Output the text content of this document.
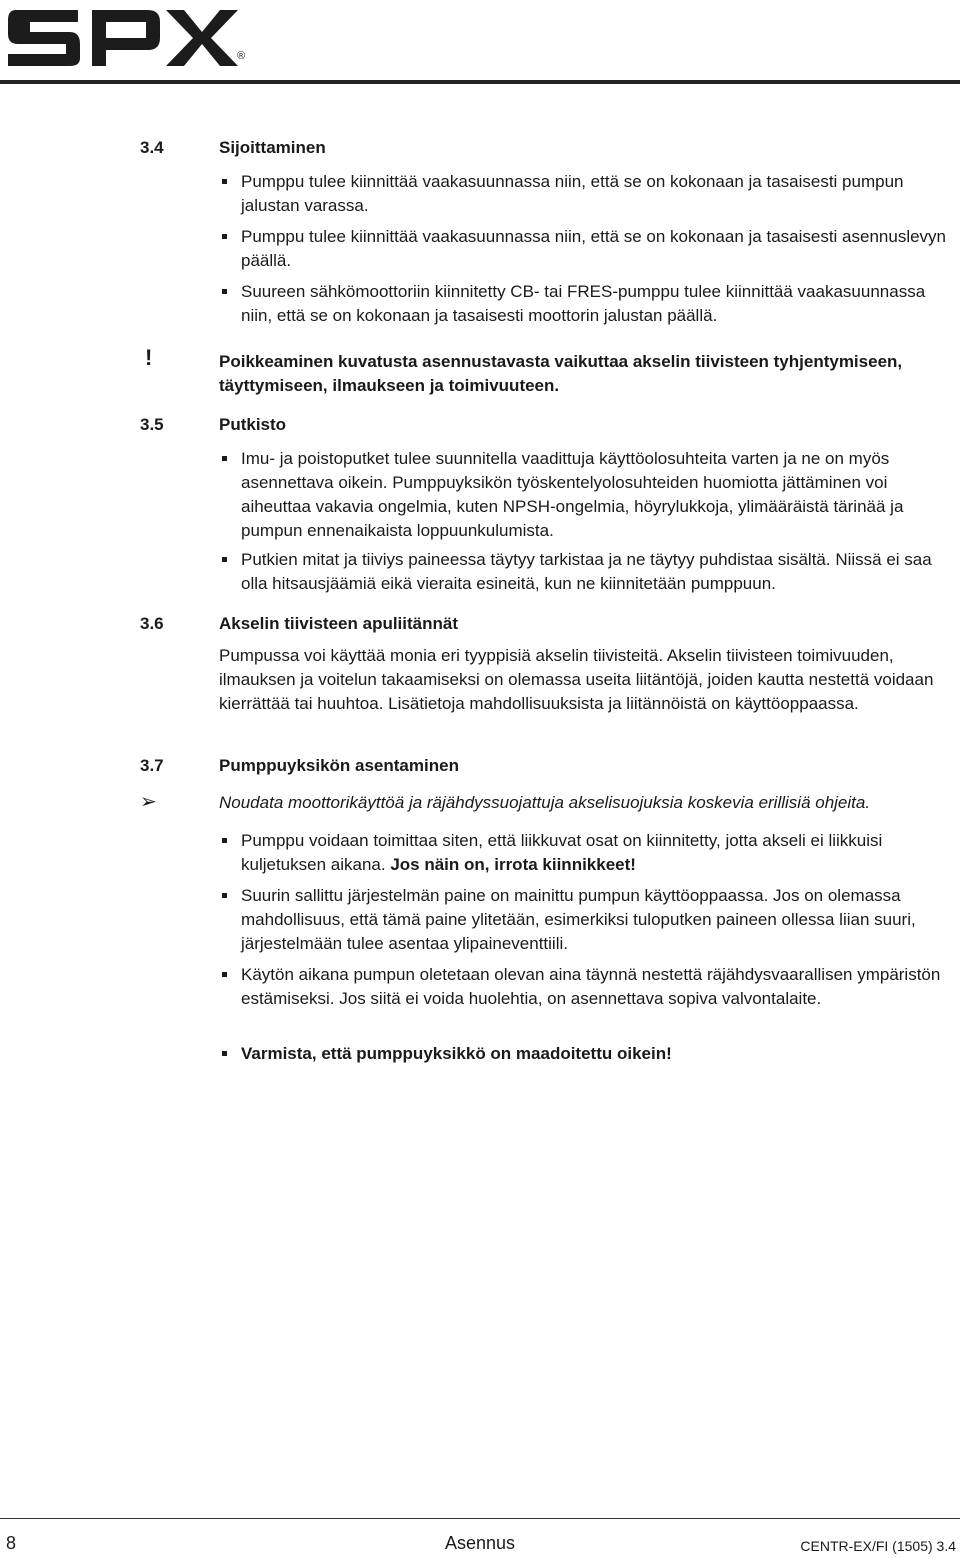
®
3.4	Sijoittaminen
Pumppu tulee kiinnittää vaakasuunnassa niin, että se on kokonaan ja tasaisesti pumpun jalustan varassa.
Pumppu tulee kiinnittää vaakasuunnassa niin, että se on kokonaan ja tasaisesti asennuslevyn päällä.
Suureen sähkömoottoriin kiinnitetty CB- tai FRES-pumppu tulee kiinnittää vaakasuunnassa niin, että se on kokonaan ja tasaisesti moottorin jalustan päällä.
!	Poikkeaminen kuvatusta asennustavasta vaikuttaa akselin tiivisteen tyhjentymiseen, täyttymiseen, ilmaukseen ja toimivuuteen.
3.5	Putkisto
Imu- ja poistoputket tulee suunnitella vaadittuja käyttöolosuhteita varten ja ne on myös asennettava oikein. Pumppuyksikön työskentelyolosuhteiden huomiotta jättäminen voi aiheuttaa vakavia ongelmia, kuten NPSH-ongelmia, höyrylukkoja, ylimääräistä tärinää ja pumpun ennenaikaista loppuunkulumista.
Putkien mitat ja tiiviys paineessa täytyy tarkistaa ja ne täytyy puhdistaa sisältä. Niissä ei saa olla hitsausjäämiä eikä vieraita esineitä, kun ne kiinnitetään pumppuun.
3.6	Akselin tiivisteen apuliitännät
Pumpussa voi käyttää monia eri tyyppisiä akselin tiivisteitä. Akselin tiivisteen toimivuuden, ilmauksen ja voitelun takaamiseksi on olemassa useita liitäntöjä, joiden kautta nestettä voidaan kierrättää tai huuhtoa. Lisätietoja mahdollisuuksista ja liitännöistä on käyttöoppaassa.
3.7	Pumppuyksikön asentaminen
➢	Noudata moottorikäyttöä ja räjähdyssuojattuja akselisuojuksia koskevia erillisiä ohjeita.
Pumppu voidaan toimittaa siten, että liikkuvat osat on kiinnitetty, jotta akseli ei liikkuisi kuljetuksen aikana. Jos näin on, irrota kiinnikkeet!
Suurin sallittu järjestelmän paine on mainittu pumpun käyttöoppaassa. Jos on olemassa mahdollisuus, että tämä paine ylitetään, esimerkiksi tuloputken paineen ollessa liian suuri, järjestelmään tulee asentaa ylipaineventtiili.
Käytön aikana pumpun oletetaan olevan aina täynnä nestettä räjähdysvaarallisen ympäristön estämiseksi. Jos siitä ei voida huolehtia, on asennettava sopiva valvontalaite.
Varmista, että pumppuyksikkö on maadoitettu oikein!
8	Asennus	CENTR-EX/FI (1505) 3.4
